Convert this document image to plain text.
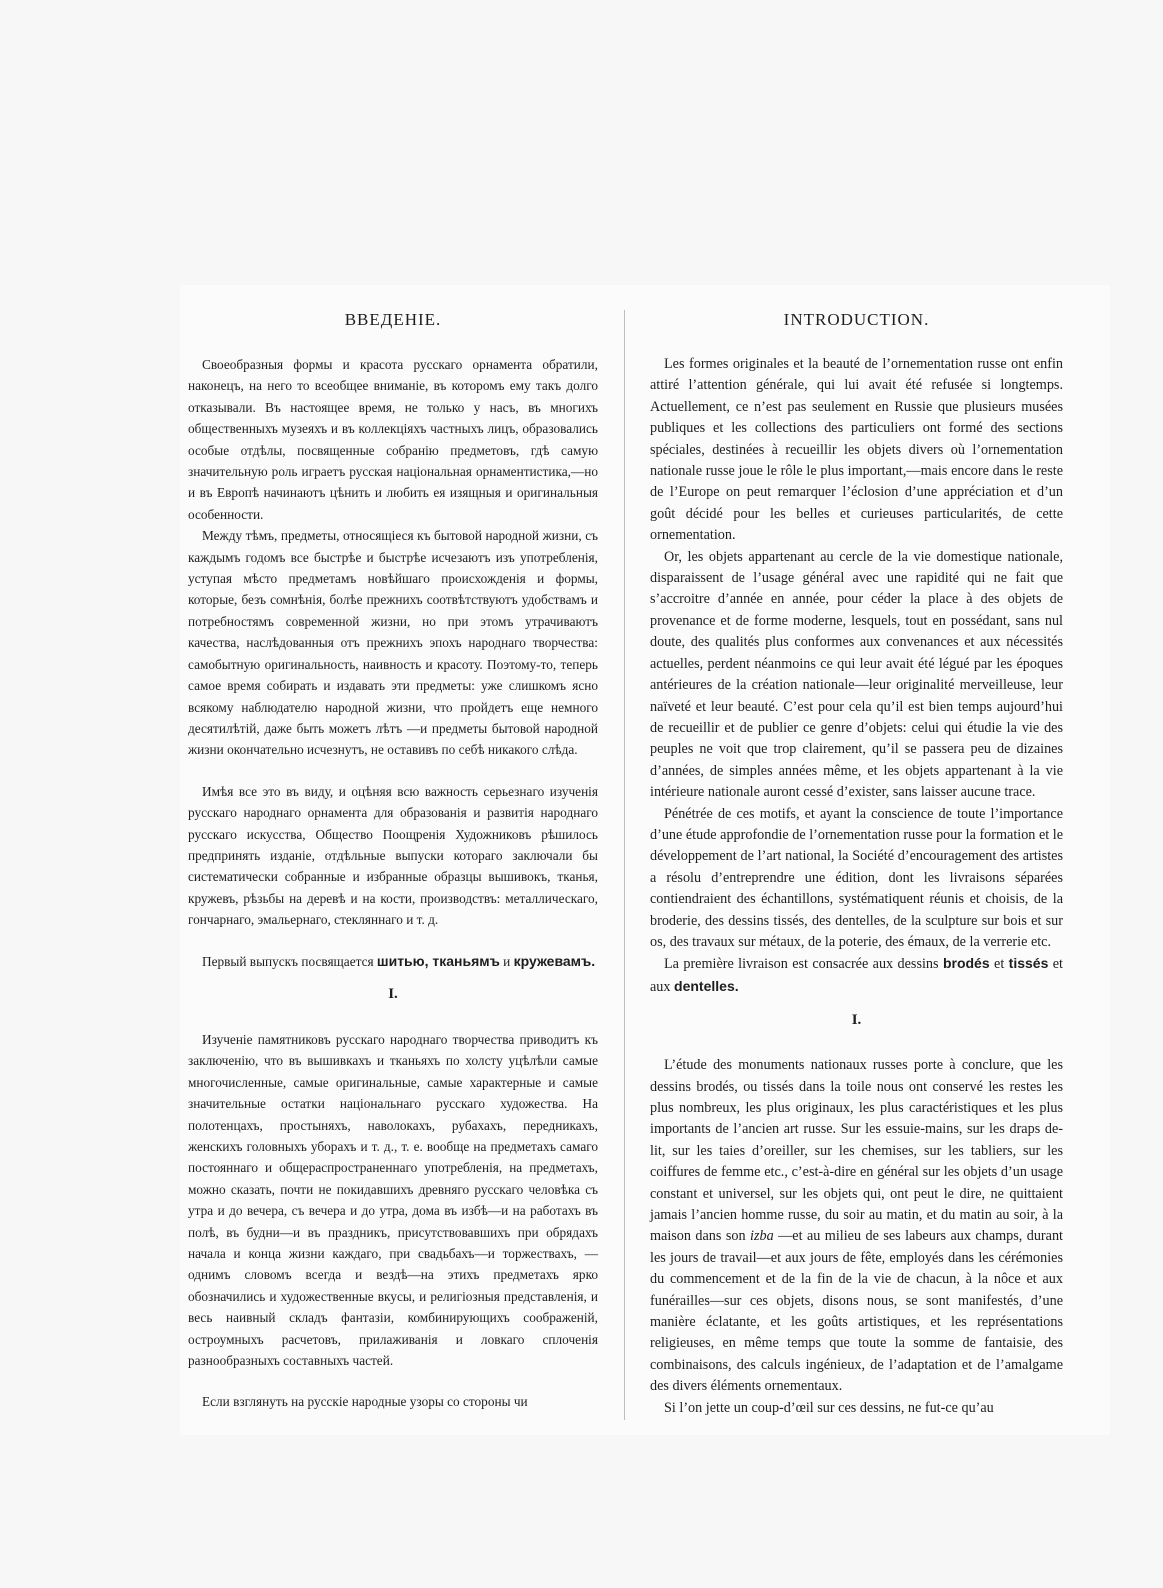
ВВЕДЕНІЕ.

Своеобразныя формы и красота русскаго орнамента обратили, наконецъ, на него то всеобщее вниманіе, въ которомъ ему такъ долго отказывали. Въ настоящее время, не только у насъ, въ многихъ общественныхъ музеяхъ и въ коллекціяхъ частныхъ лицъ, образовались особые отдѣлы, посвященные собранію предметовъ, гдѣ самую значительную роль играетъ русская національная орнаментистика,—но и въ Европѣ начинаютъ цѣнить и любить ея изящныя и оригинальныя особенности.

Между тѣмъ, предметы, относящіеся къ бытовой народной жизни, съ каждымъ годомъ все быстрѣе и быстрѣе исчезаютъ изъ употребленія, уступая мѣсто предметамъ новѣйшаго происхожденія и формы, которые, безъ сомнѣнія, болѣе прежнихъ соотвѣтствуютъ удобствамъ и потребностямъ современной жизни, но при этомъ утрачиваютъ качества, наслѣдованныя отъ прежнихъ эпохъ народнаго творчества: самобытную оригинальность, наивность и красоту. Поэтому-то, теперь самое время собирать и издавать эти предметы: уже слишкомъ ясно всякому наблюдателю народной жизни, что пройдетъ еще немного десятилѣтій, даже быть можетъ лѣтъ —и предметы бытовой народной жизни окончательно исчезнутъ, не оставивъ по себѣ никакого слѣда.

Имѣя все это въ виду, и оцѣняя всю важность серьезнаго изученія русскаго народнаго орнамента для образованія и развитія народнаго русскаго искусства, Общество Поощренія Художниковъ рѣшилось предпринять изданіе, отдѣльные выпуски котораго заключали бы систематически собранные и избранные образцы вышивокъ, тканья, кружевъ, рѣзьбы на деревѣ и на кости, производствъ: металлическаго, гончарнаго, эмальернаго, стекляннаго и т. д.

Первый выпускъ посвящается шитью, тканьямъ и кружевамъ.

I.

Изученіе памятниковъ русскаго народнаго творчества приводитъ къ заключенію, что въ вышивкахъ и тканьяхъ по холсту уцѣлѣли самые многочисленные, самые оригинальные, самые характерные и самые значительные остатки національнаго русскаго художества. На полотенцахъ, простыняхъ, наволокахъ, рубахахъ, передникахъ, женскихъ головныхъ уборахъ и т. д., т. е. вообще на предметахъ самаго постояннаго и общераспространеннаго употребленія, на предметахъ, можно сказать, почти не покидавшихъ древняго русскаго человѣка съ утра и до вечера, съ вечера и до утра, дома въ избѣ—и на работахъ въ полѣ, въ будни—и въ праздникъ, присутствовавшихъ при обрядахъ начала и конца жизни каждаго, при свадьбахъ—и торжествахъ, —однимъ словомъ всегда и вездѣ—на этихъ предметахъ ярко обозначились и художественные вкусы, и религіозныя представленія, и весь наивный складъ фантазіи, комбинирующихъ соображеній, остроумныхъ расчетовъ, прилаживанія и ловкаго сплоченія разнообразныхъ составныхъ частей.

Если взглянуть на русскіе народные узоры со стороны чи

INTRODUCTION.

Les formes originales et la beauté de l’ornementation russe ont enfin attiré l’attention générale, qui lui avait été refusée si longtemps. Actuellement, ce n’est pas seulement en Russie que plusieurs musées publiques et les collections des particuliers ont formé des sections spéciales, destinées à recueillir les objets divers où l’ornementation nationale russe joue le rôle le plus important,—mais encore dans le reste de l’Europe on peut remarquer l’éclosion d’une appréciation et d’un goût décidé pour les belles et curieuses particularités, de cette ornementation.

Or, les objets appartenant au cercle de la vie domestique nationale, disparaissent de l’usage général avec une rapidité qui ne fait que s’accroitre d’année en année, pour céder la place à des objets de provenance et de forme moderne, lesquels, tout en possédant, sans nul doute, des qualités plus conformes aux convenances et aux nécessités actuelles, perdent néanmoins ce qui leur avait été légué par les époques antérieures de la création nationale—leur originalité merveilleuse, leur naïveté et leur beauté. C’est pour cela qu’il est bien temps aujourd’hui de recueillir et de publier ce genre d’objets: celui qui étudie la vie des peuples ne voit que trop clairement, qu’il se passera peu de dizaines d’années, de simples années même, et les objets appartenant à la vie intérieure nationale auront cessé d’exister, sans laisser aucune trace.

Pénétrée de ces motifs, et ayant la conscience de toute l’importance d’une étude approfondie de l’ornementation russe pour la formation et le développement de l’art national, la Société d’encouragement des artistes a résolu d’entreprendre une édition, dont les livraisons séparées contiendraient des échantillons, systématiquent réunis et choisis, de la broderie, des dessins tissés, des dentelles, de la sculpture sur bois et sur os, des travaux sur métaux, de la poterie, des émaux, de la verrerie etc.

La première livraison est consacrée aux dessins brodés et tissés et aux dentelles.

I.

L’étude des monuments nationaux russes porte à conclure, que les dessins brodés, ou tissés dans la toile nous ont conservé les restes les plus nombreux, les plus originaux, les plus caractéristiques et les plus importants de l’ancien art russe. Sur les essuie-mains, sur les draps de-lit, sur les taies d’oreiller, sur les chemises, sur les tabliers, sur les coiffures de femme etc., c’est-à-dire en général sur les objets d’un usage constant et universel, sur les objets qui, ont peut le dire, ne quittaient jamais l’ancien homme russe, du soir au matin, et du matin au soir, à la maison dans son izba —et au milieu de ses labeurs aux champs, durant les jours de travail—et aux jours de fête, employés dans les cérémonies du commencement et de la fin de la vie de chacun, à la nôce et aux funérailles—sur ces objets, disons nous, se sont manifestés, d’une manière éclatante, et les goûts artistiques, et les représentations religieuses, en même temps que toute la somme de fantaisie, des combinaisons, des calculs ingénieux, de l’adaptation et de l’amalgame des divers éléments ornementaux.

Si l’on jette un coup-d’œil sur ces dessins, ne fut-ce qu’au
